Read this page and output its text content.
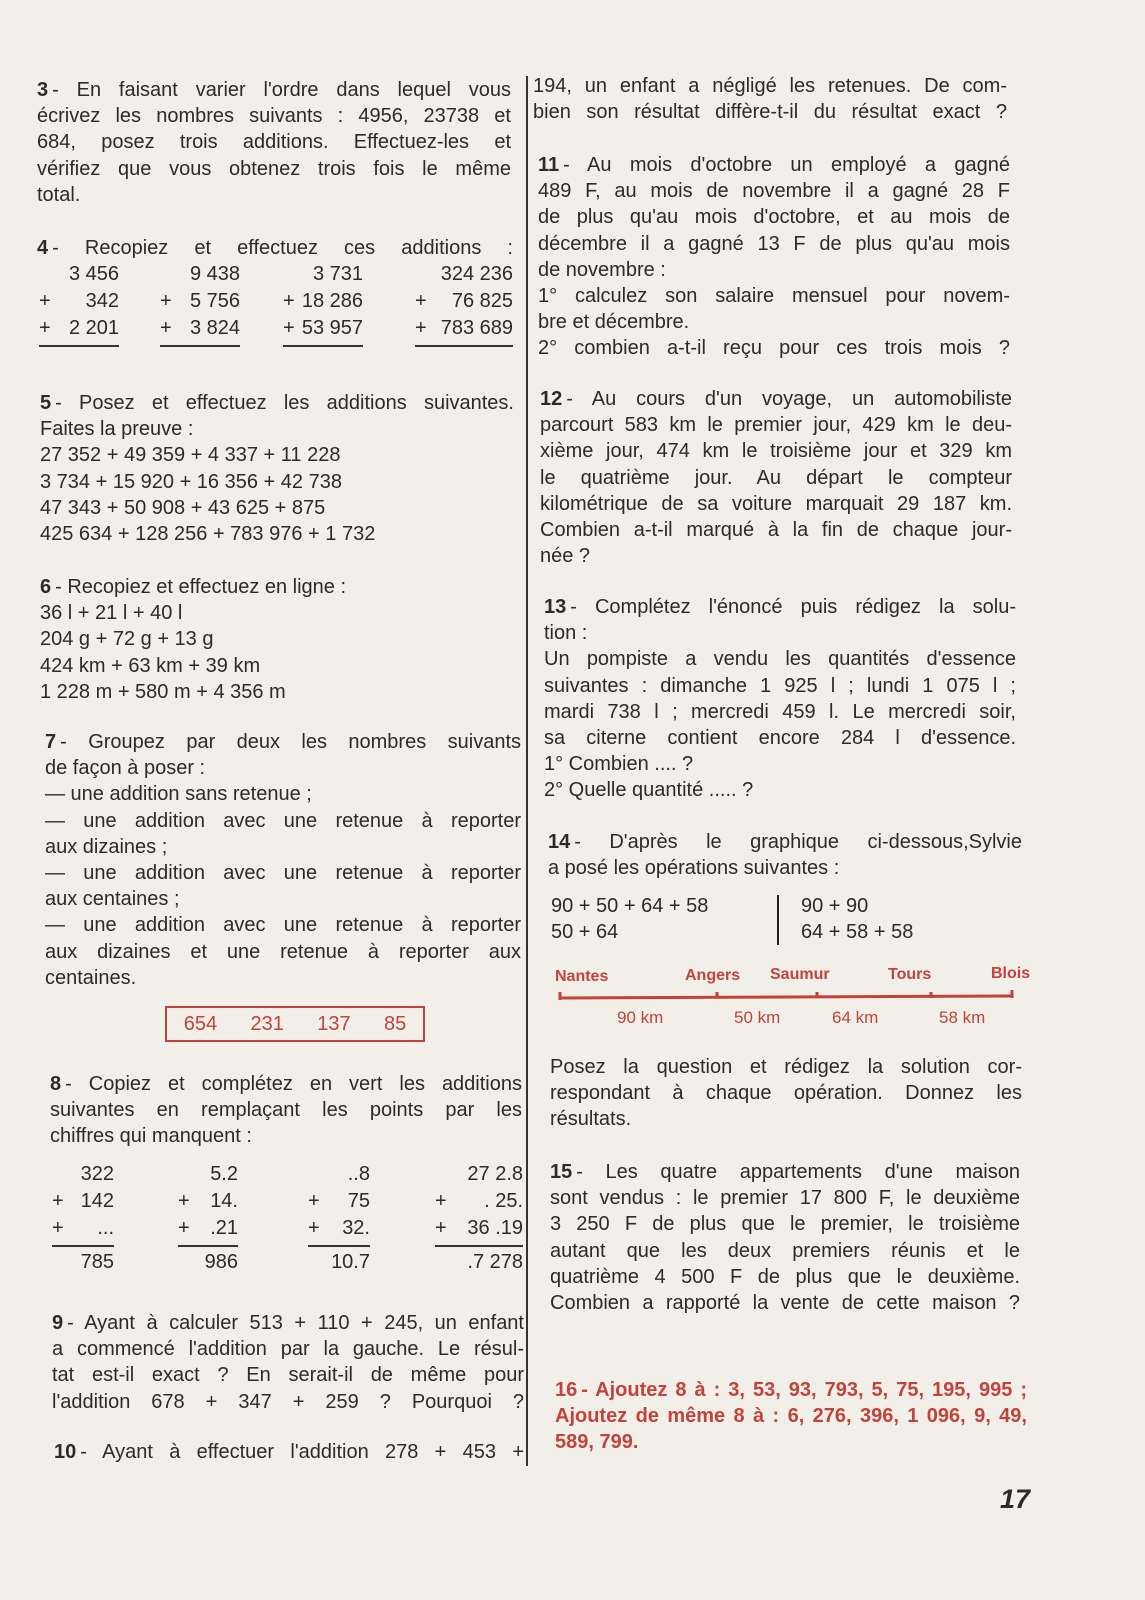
3 - En faisant varier l'ordre dans lequel vous
écrivez les nombres suivants : 4956, 23738 et
684, posez trois additions. Effectuez-les et
vérifiez que vous obtenez trois fois le même
total.
4 - Recopiez et effectuez ces additions :
3 456
+ 342
+ 2 201
9 438
+ 5 756
+ 3 824
3 731
+ 18 286
+ 53 957
324 236
+ 76 825
+ 783 689
5 - Posez et effectuez les additions suivantes.
Faites la preuve :
27 352 + 49 359 + 4 337 + 11 228
3 734 + 15 920 + 16 356 + 42 738
47 343 + 50 908 + 43 625 + 875
425 634 + 128 256 + 783 976 + 1 732
6 - Recopiez et effectuez en ligne :
36 l + 21 l + 40 l
204 g + 72 g + 13 g
424 km + 63 km + 39 km
1 228 m + 580 m + 4 356 m
7 - Groupez par deux les nombres suivants
de façon à poser :
— une addition sans retenue ;
— une addition avec une retenue à reporter
aux dizaines ;
— une addition avec une retenue à reporter
aux centaines ;
— une addition avec une retenue à reporter
aux dizaines et une retenue à reporter aux
centaines.
654 231 137 85
8 - Copiez et complétez en vert les additions
suivantes en remplaçant les points par les
chiffres qui manquent :
322
+ 142
+ ...
785
5.2
+ 14.
+ .21
986
..8
+ 75
+ 32.
10.7
27 2.8
+ . 25.
+ 36 .19
.7 278
9 - Ayant à calculer 513 + 110 + 245, un enfant
a commencé l'addition par la gauche. Le résul-
tat est-il exact ? En serait-il de même pour
l'addition 678 + 347 + 259 ? Pourquoi ?
10 - Ayant à effectuer l'addition 278 + 453 +
194, un enfant a négligé les retenues. De com-
bien son résultat diffère-t-il du résultat exact ?
11 - Au mois d'octobre un employé a gagné
489 F, au mois de novembre il a gagné 28 F
de plus qu'au mois d'octobre, et au mois de
décembre il a gagné 13 F de plus qu'au mois
de novembre :
1° calculez son salaire mensuel pour novem-
bre et décembre.
2° combien a-t-il reçu pour ces trois mois ?
12 - Au cours d'un voyage, un automobiliste
parcourt 583 km le premier jour, 429 km le deu-
xième jour, 474 km le troisième jour et 329 km
le quatrième jour. Au départ le compteur
kilométrique de sa voiture marquait 29 187 km.
Combien a-t-il marqué à la fin de chaque jour-
née ?
13 - Complétez l'énoncé puis rédigez la solu-
tion :
Un pompiste a vendu les quantités d'essence
suivantes : dimanche 1 925 l ; lundi 1 075 l ;
mardi 738 l ; mercredi 459 l. Le mercredi soir,
sa citerne contient encore 284 l d'essence.
1° Combien .... ?
2° Quelle quantité ..... ?
14 - D'après le graphique ci-dessous,Sylvie
a posé les opérations suivantes :
90 + 50 + 64 + 58
50 + 64
90 + 90
64 + 58 + 58
Nantes	Angers Saumur	Tours	Blois
90 km	50 km	64 km	58 km
Posez la question et rédigez la solution cor-
respondant à chaque opération. Donnez les
résultats.
15 - Les quatre appartements d'une maison
sont vendus : le premier 17 800 F, le deuxième
3 250 F de plus que le premier, le troisième
autant que les deux premiers réunis et le
quatrième 4 500 F de plus que le deuxième.
Combien a rapporté la vente de cette maison ?
16 - Ajoutez 8 à : 3, 53, 93, 793, 5, 75, 195, 995 ;
Ajoutez de même 8 à : 6, 276, 396, 1 096, 9, 49,
589, 799.
17
